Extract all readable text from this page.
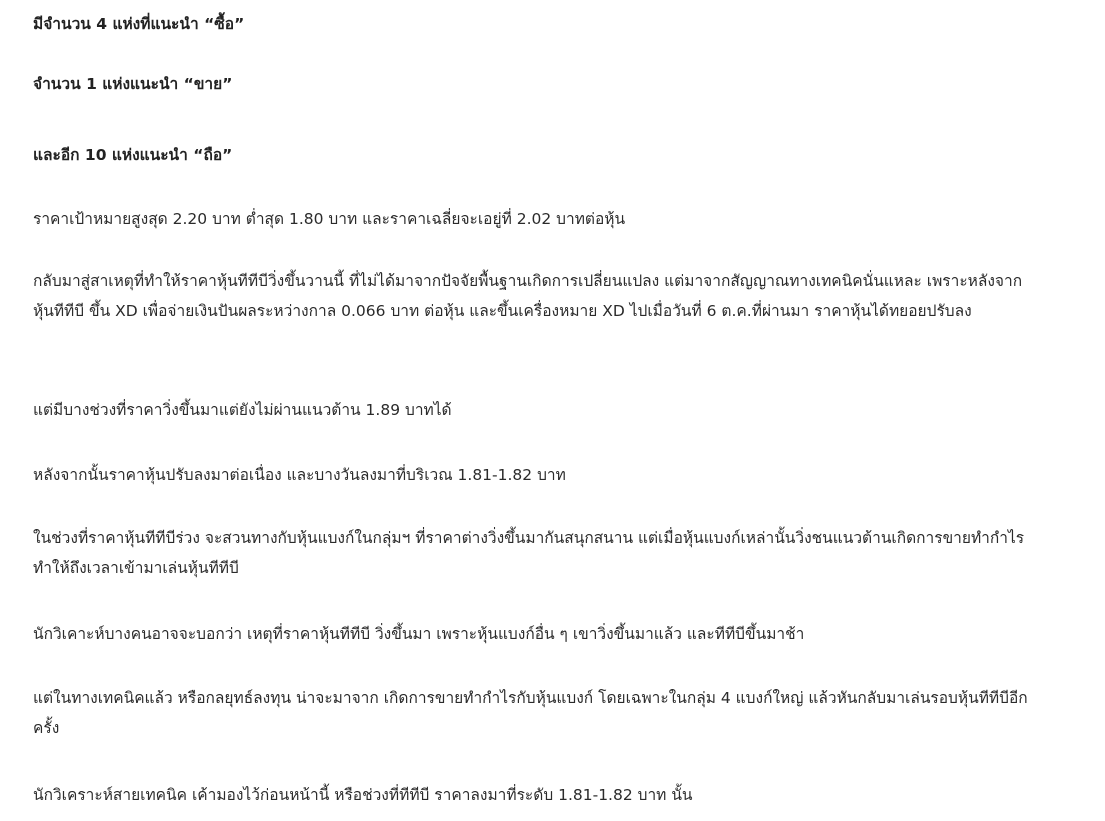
มีจำนวน 4 แห่งที่แนะนำ “ซื้อ”

จำนวน 1 แห่งแนะนำ “ขาย”

และอีก 10 แห่งแนะนำ “ถือ”

ราคาเป้าหมายสูงสุด 2.20 บาท ต่ำสุด 1.80 บาท และราคาเฉลี่ยจะเอยู่ที่ 2.02 บาทต่อหุ้น

กลับมาสู่สาเหตุที่ทำให้ราคาหุ้นทีทีบีวิ่งขึ้นวานนี้ ที่ไม่ได้มาจากปัจจัยพื้นฐานเกิดการเปลี่ยนแปลง แต่มาจากสัญญาณทางเทคนิคนั่นแหละ เพราะหลังจากหุ้นทีทีบี ขึ้น XD เพื่อจ่ายเงินปันผลระหว่างกาล 0.066 บาท ต่อหุ้น และขึ้นเครื่องหมาย XD ไปเมื่อวันที่ 6 ต.ค.ที่ผ่านมา ราคาหุ้นได้ทยอยปรับลง

แต่มีบางช่วงที่ราคาวิ่งขึ้นมาแต่ยังไม่ผ่านแนวต้าน 1.89 บาทได้

หลังจากนั้นราคาหุ้นปรับลงมาต่อเนื่อง และบางวันลงมาที่บริเวณ 1.81-1.82 บาท

ในช่วงที่ราคาหุ้นทีทีบีร่วง จะสวนทางกับหุ้นแบงก์ในกลุ่มฯ ที่ราคาต่างวิ่งขึ้นมากันสนุกสนาน แต่เมื่อหุ้นแบงก์เหล่านั้นวิ่งชนแนวต้านเกิดการขายทำกำไร ทำให้ถึงเวลาเข้ามาเล่นหุ้นทีทีบี

นักวิเคาะห์บางคนอาจจะบอกว่า เหตุที่ราคาหุ้นทีทีบี วิ่งขึ้นมา เพราะหุ้นแบงก์อื่น ๆ เขาวิ่งขึ้นมาแล้ว และทีทีบีขึ้นมาช้า

แต่ในทางเทคนิคแล้ว หรือกลยุทธ์ลงทุน น่าจะมาจาก เกิดการขายทำกำไรกับหุ้นแบงก์ โดยเฉพาะในกลุ่ม 4 แบงก์ใหญ่ แล้วหันกลับมาเล่นรอบหุ้นทีทีบีอีกครั้ง

นักวิเคราะห์สายเทคนิค เค้ามองไว้ก่อนหน้านี้ หรือช่วงที่ทีทีบี ราคาลงมาที่ระดับ 1.81-1.82 บาท นั้น
